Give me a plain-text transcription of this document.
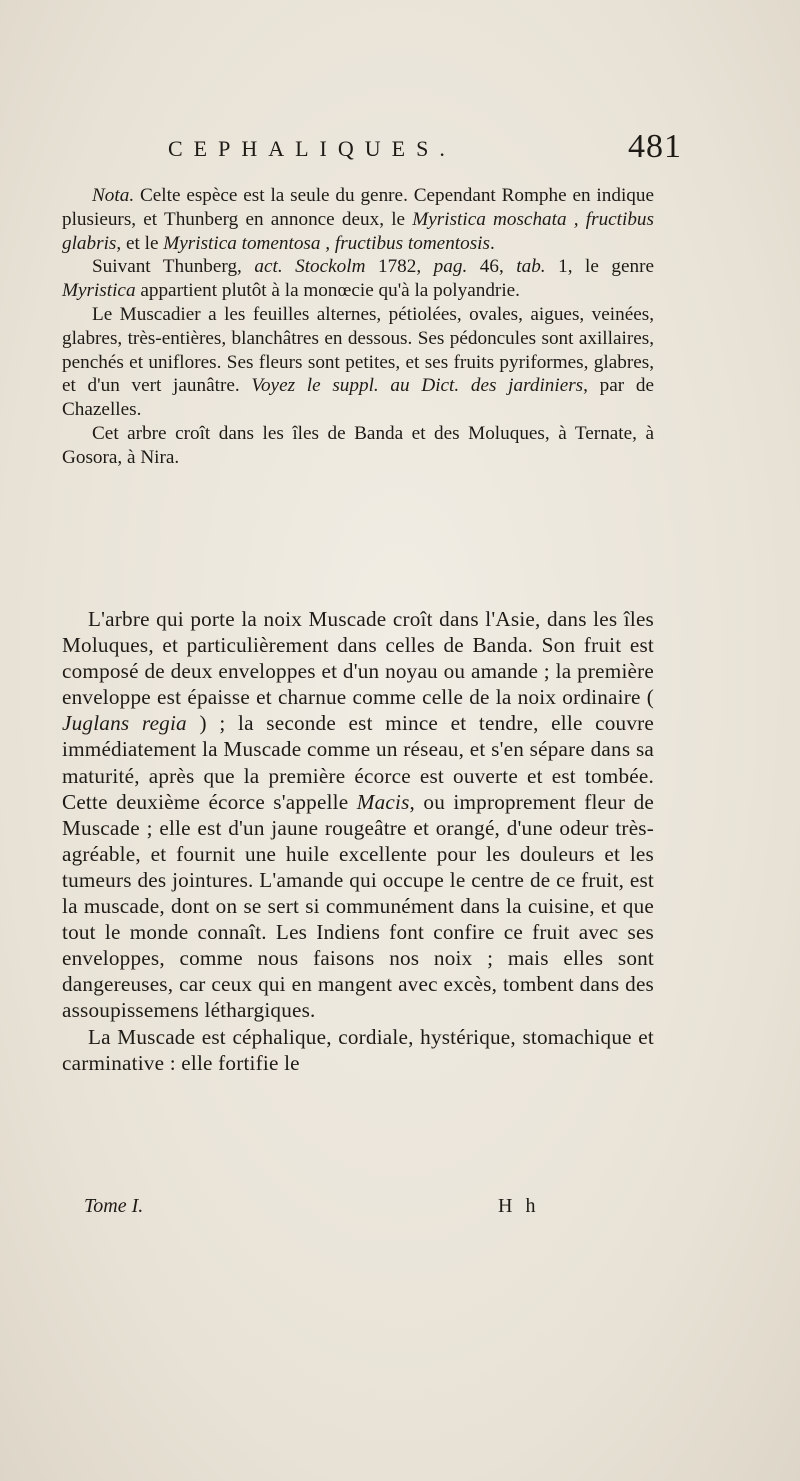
CEPHALIQUES.	481

Nota. Celte espèce est la seule du genre. Cependant Romphe en indique plusieurs, et Thunberg en annonce deux, le Myristica moschata , fructibus glabris, et le Myristica tomentosa , fructibus tomentosis.

Suivant Thunberg, act. Stockolm 1782, pag. 46, tab. 1, le genre Myristica appartient plutôt à la monœcie qu'à la polyandrie.

Le Muscadier a les feuilles alternes, pétiolées, ovales, aigues, veinées, glabres, très-entières, blanchâtres en dessous. Ses pédoncules sont axillaires, penchés et uniflores. Ses fleurs sont petites, et ses fruits pyriformes, glabres, et d'un vert jaunâtre. Voyez le suppl. au Dict. des jardiniers, par de Chazelles.

Cet arbre croît dans les îles de Banda et des Moluques, à Ternate, à Gosora, à Nira.

L'arbre qui porte la noix Muscade croît dans l'Asie, dans les îles Moluques, et particulièrement dans celles de Banda. Son fruit est composé de deux enveloppes et d'un noyau ou amande ; la première enveloppe est épaisse et charnue comme celle de la noix ordinaire ( Juglans regia ) ; la seconde est mince et tendre, elle couvre immédiatement la Muscade comme un réseau, et s'en sépare dans sa maturité, après que la première écorce est ouverte et est tombée. Cette deuxième écorce s'appelle Macis, ou improprement fleur de Muscade ; elle est d'un jaune rougeâtre et orangé, d'une odeur très-agréable, et fournit une huile excellente pour les douleurs et les tumeurs des jointures. L'amande qui occupe le centre de ce fruit, est la muscade, dont on se sert si communément dans la cuisine, et que tout le monde connaît. Les Indiens font confire ce fruit avec ses enveloppes, comme nous faisons nos noix ; mais elles sont dangereuses, car ceux qui en mangent avec excès, tombent dans des assoupissemens léthargiques.

La Muscade est céphalique, cordiale, hystérique, stomachique et carminative : elle fortifie le

Tome I.	H h
